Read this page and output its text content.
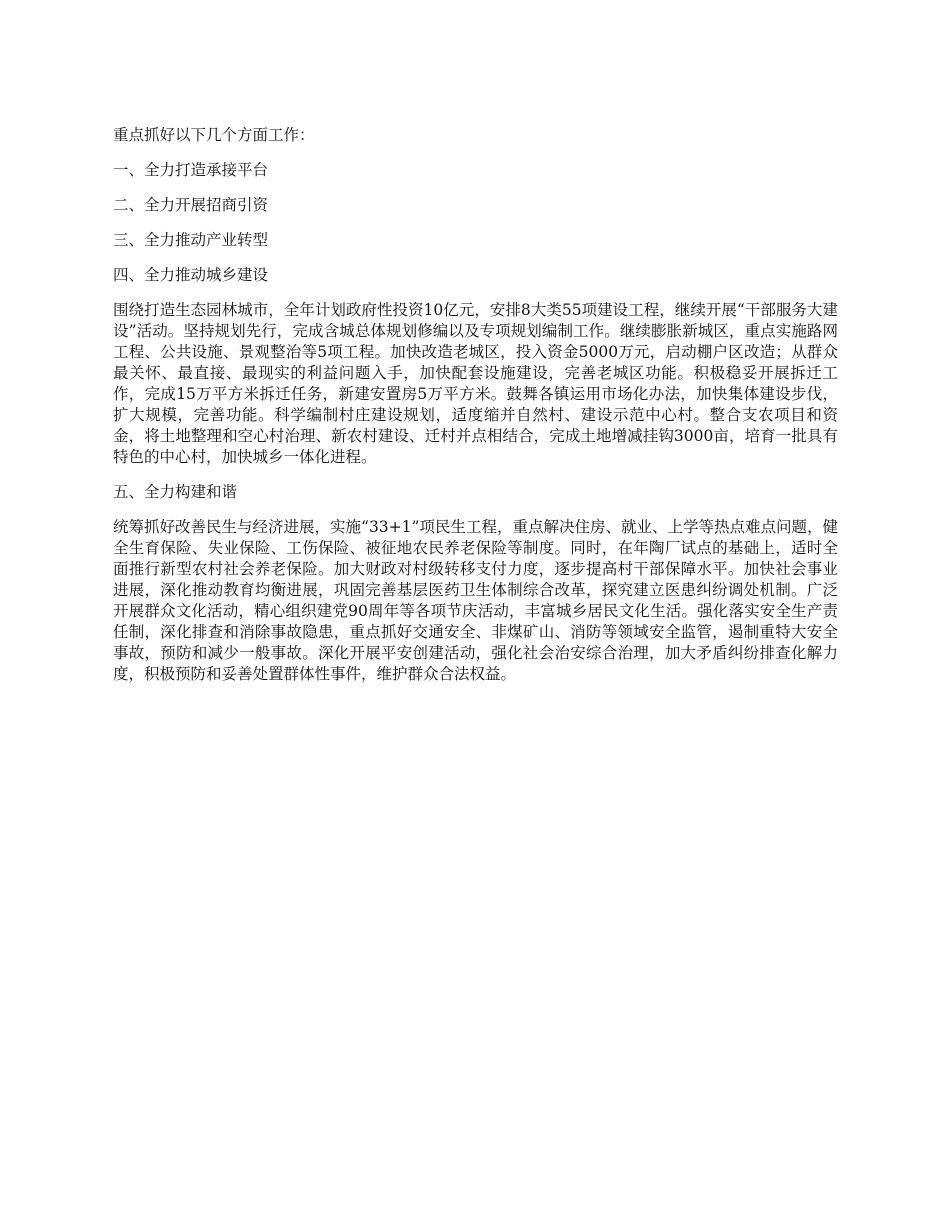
重点抓好以下几个方面工作：

一、全力打造承接平台

二、全力开展招商引资

三、全力推动产业转型

四、全力推动城乡建设

围绕打造生态园林城市，全年计划政府性投资10亿元，安排8大类55项建设工程，继续开展“干部服务大建设”活动。坚持规划先行，完成含城总体规划修编以及专项规划编制工作。继续膨胀新城区，重点实施路网工程、公共设施、景观整治等5项工程。加快改造老城区，投入资金5000万元，启动棚户区改造；从群众最关怀、最直接、最现实的利益问题入手，加快配套设施建设，完善老城区功能。积极稳妥开展拆迁工作，完成15万平方米拆迁任务，新建安置房5万平方米。鼓舞各镇运用市场化办法，加快集体建设步伐，扩大规模，完善功能。科学编制村庄建设规划，适度缩并自然村、建设示范中心村。整合支农项目和资金，将土地整理和空心村治理、新农村建设、迁村并点相结合，完成土地增减挂钩3000亩，培育一批具有特色的中心村，加快城乡一体化进程。

五、全力构建和谐

统筹抓好改善民生与经济进展，实施“33+1”项民生工程，重点解决住房、就业、上学等热点难点问题，健全生育保险、失业保险、工伤保险、被征地农民养老保险等制度。同时，在年陶厂试点的基础上，适时全面推行新型农村社会养老保险。加大财政对村级转移支付力度，逐步提高村干部保障水平。加快社会事业进展，深化推动教育均衡进展，巩固完善基层医药卫生体制综合改革，探究建立医患纠纷调处机制。广泛开展群众文化活动，精心组织建党90周年等各项节庆活动，丰富城乡居民文化生活。强化落实安全生产责任制，深化排查和消除事故隐患，重点抓好交通安全、非煤矿山、消防等领域安全监管，遏制重特大安全事故，预防和减少一般事故。深化开展平安创建活动，强化社会治安综合治理，加大矛盾纠纷排查化解力度，积极预防和妥善处置群体性事件，维护群众合法权益。
